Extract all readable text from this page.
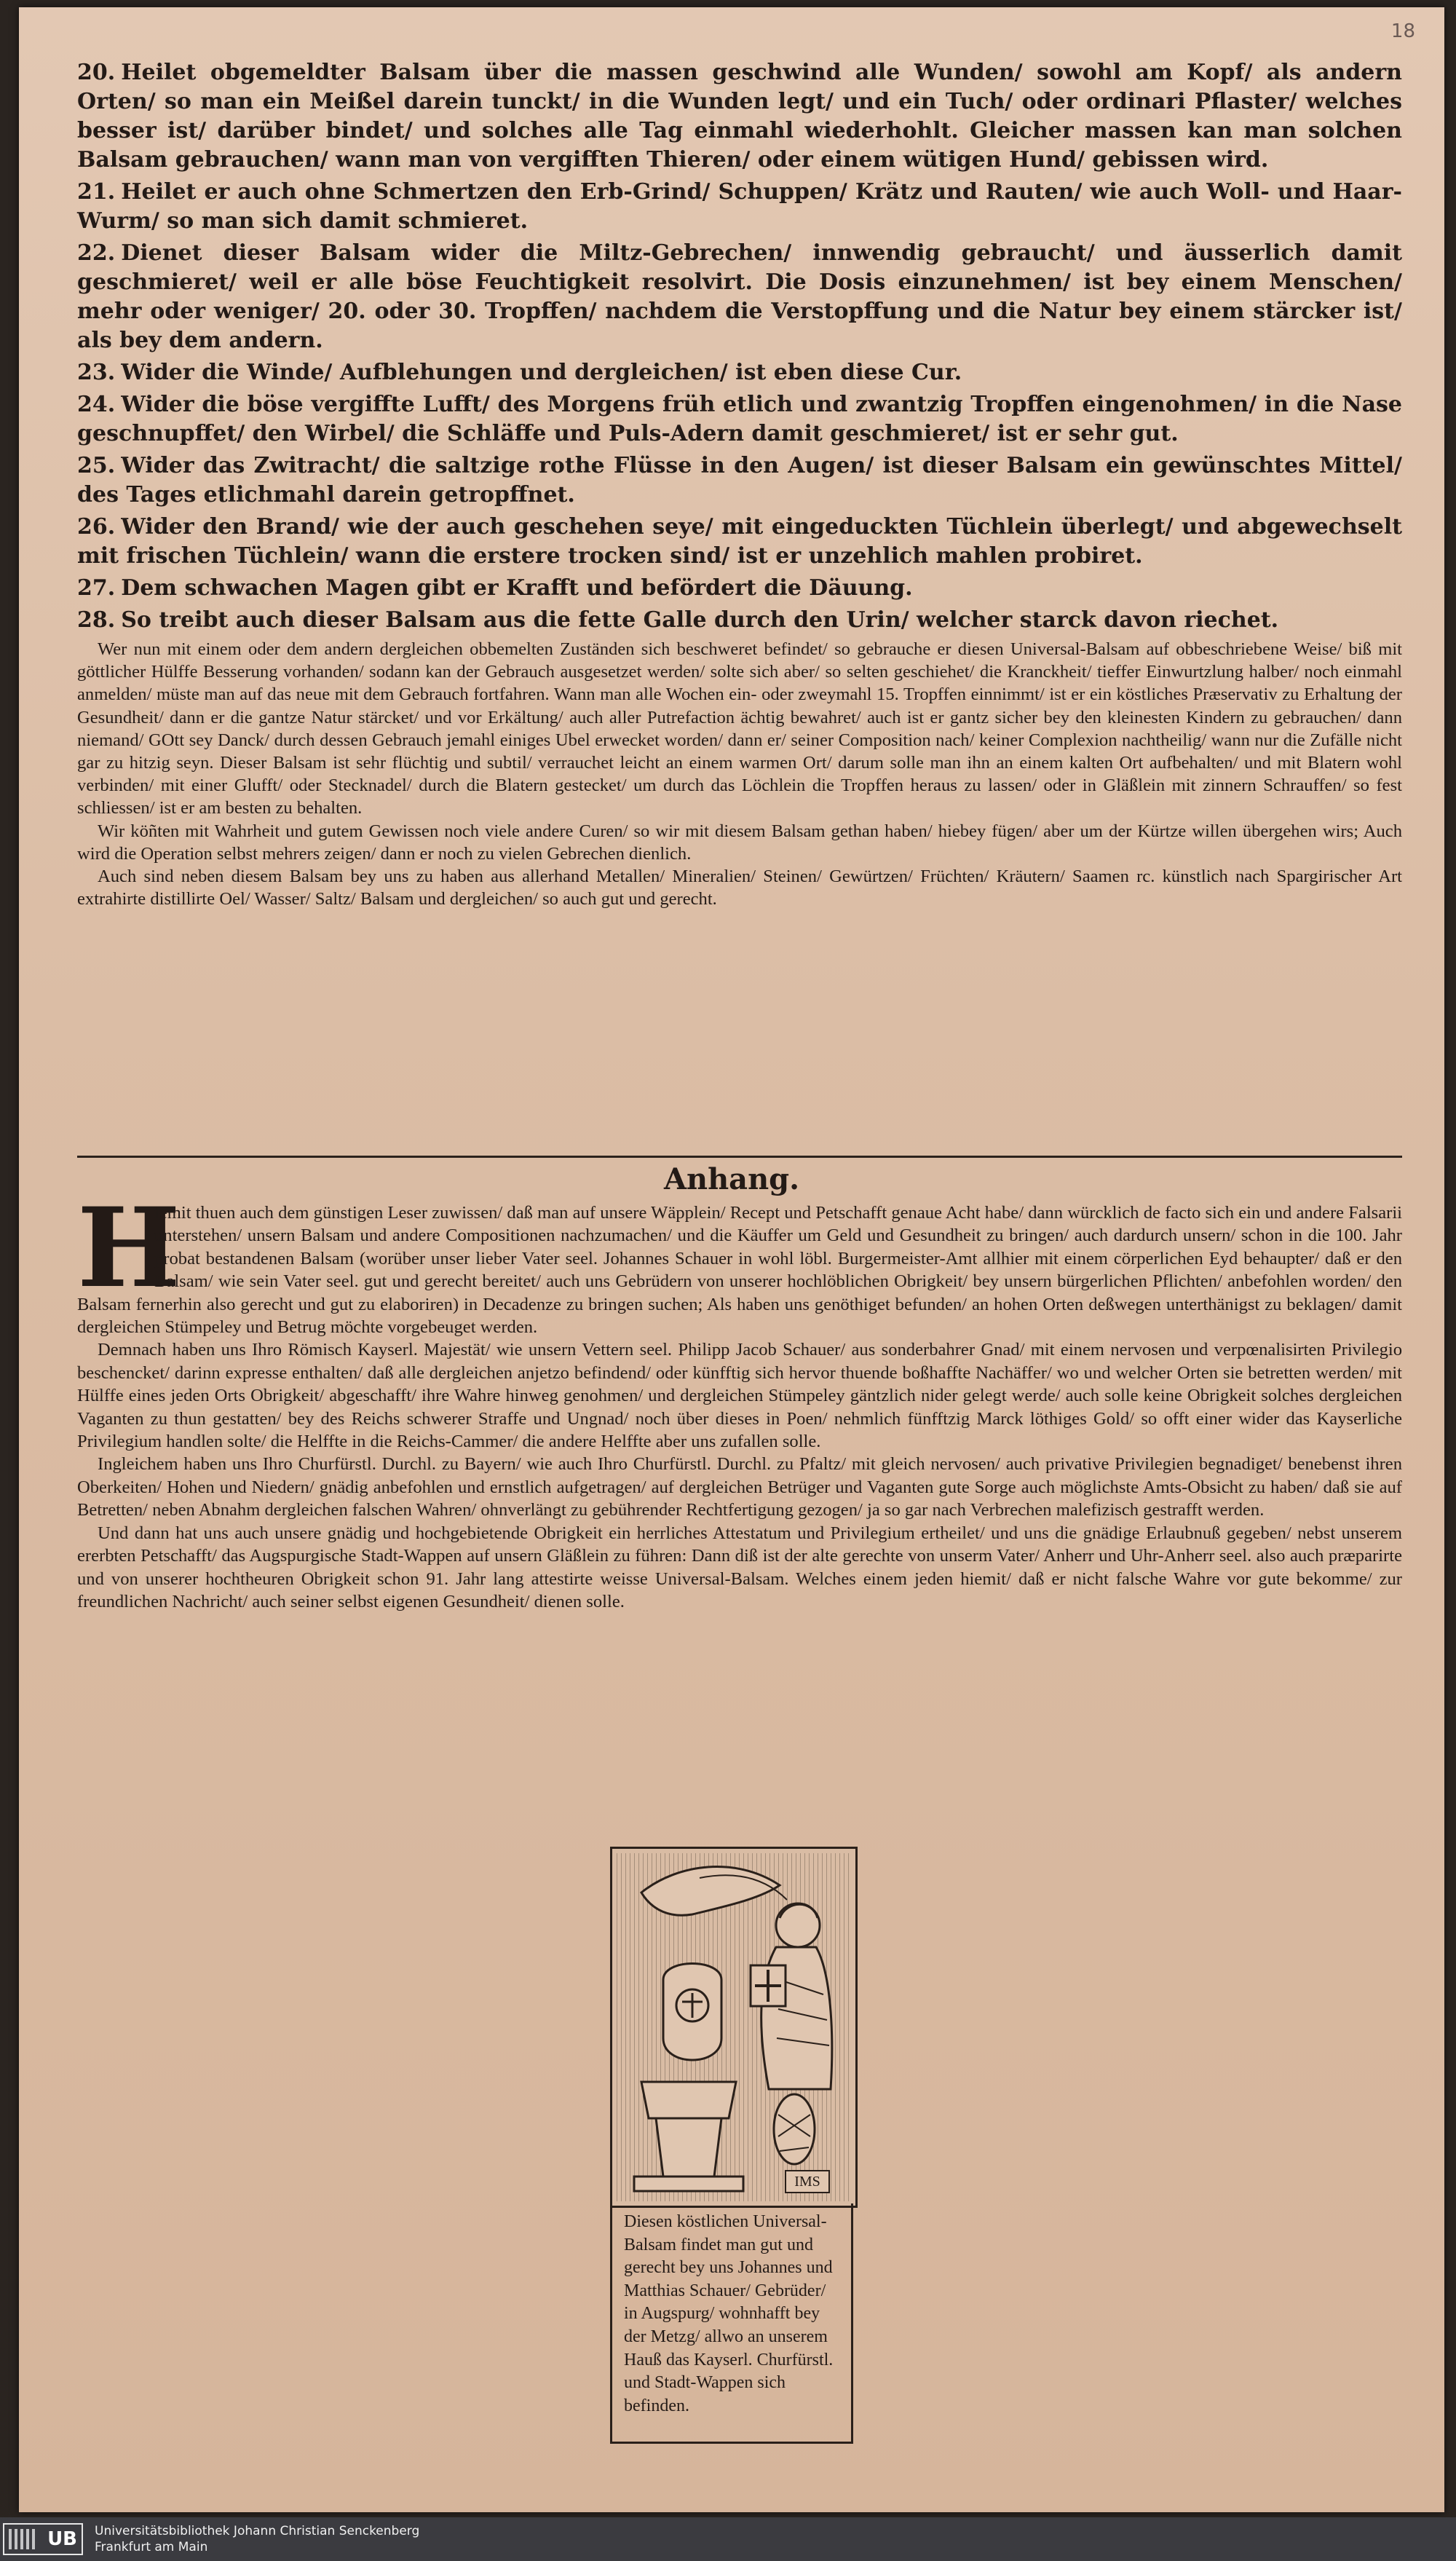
18

20. Heilet obgemeldter Balsam über die massen geschwind alle Wunden/ sowohl am Kopf/ als andern Orten/ so man ein Meißel darein tunckt/ in die Wunden legt/ und ein Tuch/ oder ordinari Pflaster/ welches besser ist/ darüber bindet/ und solches alle Tag einmahl wiederhohlt. Gleicher massen kan man solchen Balsam gebrauchen/ wann man von vergifften Thieren/ oder einem wütigen Hund/ gebissen wird.

21. Heilet er auch ohne Schmertzen den Erb-Grind/ Schuppen/ Krätz und Rauten/ wie auch Woll- und Haar-Wurm/ so man sich damit schmieret.

22. Dienet dieser Balsam wider die Miltz-Gebrechen/ innwendig gebraucht/ und äusserlich damit geschmieret/ weil er alle böse Feuchtigkeit resolvirt. Die Dosis einzunehmen/ ist bey einem Menschen/ mehr oder weniger/ 20. oder 30. Tropffen/ nachdem die Verstopffung und die Natur bey einem stärcker ist/ als bey dem andern.

23. Wider die Winde/ Aufblehungen und dergleichen/ ist eben diese Cur.

24. Wider die böse vergiffte Lufft/ des Morgens früh etlich und zwantzig Tropffen eingenohmen/ in die Nase geschnupffet/ den Wirbel/ die Schläffe und Puls-Adern damit geschmieret/ ist er sehr gut.

25. Wider das Zwitracht/ die saltzige rothe Flüsse in den Augen/ ist dieser Balsam ein gewünschtes Mittel/ des Tages etlichmahl darein getropffnet.

26. Wider den Brand/ wie der auch geschehen seye/ mit eingeduckten Tüchlein überlegt/ und abgewechselt mit frischen Tüchlein/ wann die erstere trocken sind/ ist er unzehlich mahlen probiret.

27. Dem schwachen Magen gibt er Krafft und befördert die Däuung.

28. So treibt auch dieser Balsam aus die fette Galle durch den Urin/ welcher starck davon riechet.

Wer nun mit einem oder dem andern dergleichen obbemelten Zuständen sich beschweret befindet/ so gebrauche er diesen Universal-Balsam auf obbeschriebene Weise/ biß mit göttlicher Hülffe Besserung vorhanden/ sodann kan der Gebrauch ausgesetzet werden/ solte sich aber/ so selten geschiehet/ die Kranckheit/ tieffer Einwurtzlung halber/ noch einmahl anmelden/ müste man auf das neue mit dem Gebrauch fortfahren. Wann man alle Wochen ein- oder zweymahl 15. Tropffen einnimmt/ ist er ein köstliches Præservativ zu Erhaltung der Gesundheit/ dann er die gantze Natur stärcket/ und vor Erkältung/ auch aller Putrefaction ächtig bewahret/ auch ist er gantz sicher bey den kleinesten Kindern zu gebrauchen/ dann niemand/ GOtt sey Danck/ durch dessen Gebrauch jemahl einiges Ubel erwecket worden/ dann er/ seiner Composition nach/ keiner Complexion nachtheilig/ wann nur die Zufälle nicht gar zu hitzig seyn. Dieser Balsam ist sehr flüchtig und subtil/ verrauchet leicht an einem warmen Ort/ darum solle man ihn an einem kalten Ort aufbehalten/ und mit Blatern wohl verbinden/ mit einer Glufft/ oder Stecknadel/ durch die Blatern gestecket/ um durch das Löchlein die Tropffen heraus zu lassen/ oder in Gläßlein mit zinnern Schrauffen/ so fest schliessen/ ist er am besten zu behalten.

Wir köñten mit Wahrheit und gutem Gewissen noch viele andere Curen/ so wir mit diesem Balsam gethan haben/ hiebey fügen/ aber um der Kürtze willen übergehen wirs; Auch wird die Operation selbst mehrers zeigen/ dann er noch zu vielen Gebrechen dienlich.

Auch sind neben diesem Balsam bey uns zu haben aus allerhand Metallen/ Mineralien/ Steinen/ Gewürtzen/ Früchten/ Kräutern/ Saamen rc. künstlich nach Spargirischer Art extrahirte distillirte Oel/ Wasser/ Saltz/ Balsam und dergleichen/ so auch gut und gerecht.

Anhang.

H
iemit thuen auch dem günstigen Leser zuwissen/ daß man auf unsere Wäpplein/ Recept und Petschafft genaue Acht habe/ dann würcklich de facto sich ein und andere Falsarii unterstehen/ unsern Balsam und andere Compositionen nachzumachen/ und die Käuffer um Geld und Gesundheit zu bringen/ auch dardurch unsern/ schon in die 100. Jahr probat bestandenen Balsam (worüber unser lieber Vater seel. Johannes Schauer in wohl löbl. Burgermeister-Amt allhier mit einem cörperlichen Eyd behaupter/ daß er den Balsam/ wie sein Vater seel. gut und gerecht bereitet/ auch uns Gebrüdern von unserer hochlöblichen Obrigkeit/ bey unsern bürgerlichen Pflichten/ anbefohlen worden/ den Balsam fernerhin also gerecht und gut zu elaboriren) in Decadenze zu bringen suchen; Als haben uns genöthiget befunden/ an hohen Orten deßwegen unterthänigst zu beklagen/ damit dergleichen Stümpeley und Betrug möchte vorgebeuget werden.

Demnach haben uns Ihro Römisch Kayserl. Majestät/ wie unsern Vettern seel. Philipp Jacob Schauer/ aus sonderbahrer Gnad/ mit einem nervosen und verpœnalisirten Privilegio beschencket/ darinn expresse enthalten/ daß alle dergleichen anjetzo befindend/ oder künfftig sich hervor thuende boßhaffte Nachäffer/ wo und welcher Orten sie betretten werden/ mit Hülffe eines jeden Orts Obrigkeit/ abgeschafft/ ihre Wahre hinweg genohmen/ und dergleichen Stümpeley gäntzlich nider gelegt werde/ auch solle keine Obrigkeit solches dergleichen Vaganten zu thun gestatten/ bey des Reichs schwerer Straffe und Ungnad/ noch über dieses in Poen/ nehmlich fünfftzig Marck löthiges Gold/ so offt einer wider das Kayserliche Privilegium handlen solte/ die Helffte in die Reichs-Cammer/ die andere Helffte aber uns zufallen solle.

Ingleichem haben uns Ihro Churfürstl. Durchl. zu Bayern/ wie auch Ihro Churfürstl. Durchl. zu Pfaltz/ mit gleich nervosen/ auch privative Privilegien begnadiget/ benebenst ihren Oberkeiten/ Hohen und Niedern/ gnädig anbefohlen und ernstlich aufgetragen/ auf dergleichen Betrüger und Vaganten gute Sorge auch möglichste Amts-Obsicht zu haben/ daß sie auf Betretten/ neben Abnahm dergleichen falschen Wahren/ ohnverlängt zu gebührender Rechtfertigung gezogen/ ja so gar nach Verbrechen malefizisch gestrafft werden.

Und dann hat uns auch unsere gnädig und hochgebietende Obrigkeit ein herrliches Attestatum und Privilegium ertheilet/ und uns die gnädige Erlaubnuß gegeben/ nebst unserem ererbten Petschafft/ das Augspurgische Stadt-Wappen auf unsern Gläßlein zu führen: Dann diß ist der alte gerechte von unserm Vater/ Anherr und Uhr-Anherr seel. also auch præparirte und von unserer hochtheuren Obrigkeit schon 91. Jahr lang attestirte weisse Universal-Balsam. Welches einem jeden hiemit/ daß er nicht falsche Wahre vor gute bekomme/ zur freundlichen Nachricht/ auch seiner selbst eigenen Gesundheit/ dienen solle.

IMS
Diesen köstlichen Universal-Balsam findet man gut und gerecht bey uns Johannes und Matthias Schauer/ Gebrüder/ in Augspurg/ wohnhafft bey der Metzg/ allwo an unserem Hauß das Kayserl. Churfürstl. und Stadt-Wappen sich befinden.
UB	Universitätsbibliothek Johann Christian Senckenberg
Frankfurt am Main
